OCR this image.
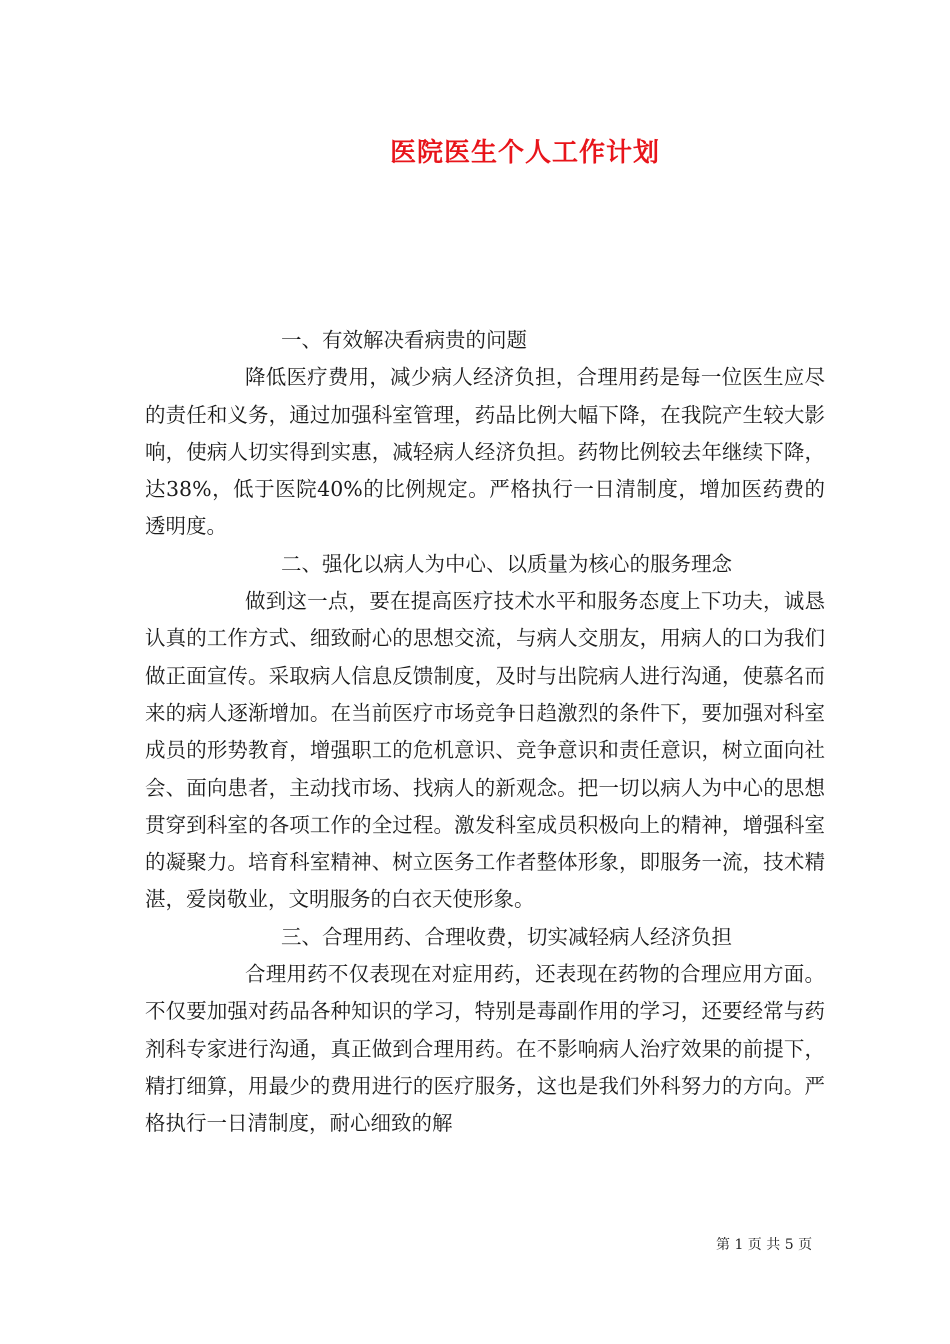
医院医生个人工作计划

一、有效解决看病贵的问题

降低医疗费用，减少病人经济负担，合理用药是每一位医生应尽的责任和义务，通过加强科室管理，药品比例大幅下降，在我院产生较大影响，使病人切实得到实惠，减轻病人经济负担。药物比例较去年继续下降，达38%，低于医院40%的比例规定。严格执行一日清制度，增加医药费的透明度。

二、强化以病人为中心、以质量为核心的服务理念

做到这一点，要在提高医疗技术水平和服务态度上下功夫，诚恳认真的工作方式、细致耐心的思想交流，与病人交朋友，用病人的口为我们做正面宣传。采取病人信息反馈制度，及时与出院病人进行沟通，使慕名而来的病人逐渐增加。在当前医疗市场竞争日趋激烈的条件下，要加强对科室成员的形势教育，增强职工的危机意识、竞争意识和责任意识，树立面向社会、面向患者，主动找市场、找病人的新观念。把一切以病人为中心的思想贯穿到科室的各项工作的全过程。激发科室成员积极向上的精神，增强科室的凝聚力。培育科室精神、树立医务工作者整体形象，即服务一流，技术精湛，爱岗敬业，文明服务的白衣天使形象。

三、合理用药、合理收费，切实减轻病人经济负担

合理用药不仅表现在对症用药，还表现在药物的合理应用方面。不仅要加强对药品各种知识的学习，特别是毒副作用的学习，还要经常与药剂科专家进行沟通，真正做到合理用药。在不影响病人治疗效果的前提下，精打细算，用最少的费用进行的医疗服务，这也是我们外科努力的方向。严格执行一日清制度，耐心细致的解

第 1 页 共 5 页
